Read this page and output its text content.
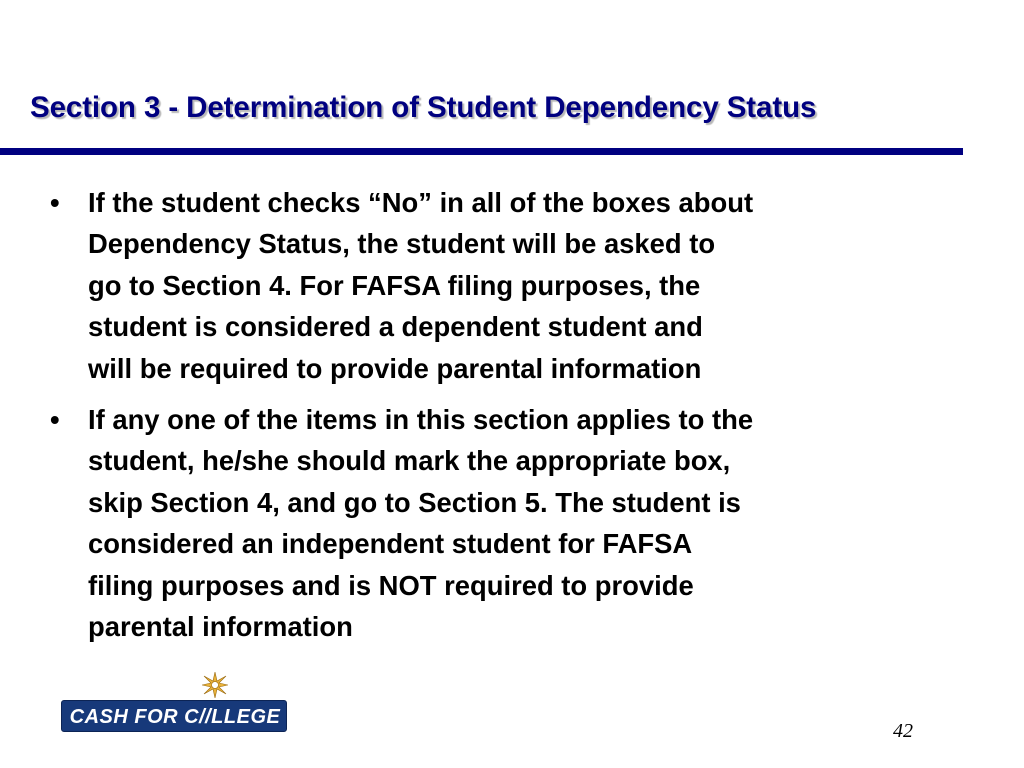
Section 3 - Determination of Student Dependency Status
• If the student checks “No” in all of the boxes about
Dependency Status, the student will be asked to
go to Section 4. For FAFSA filing purposes, the
student is considered a dependent student and
will be required to provide parental information
• If any one of the items in this section applies to the
student, he/she should mark the appropriate box,
skip Section 4, and go to Section 5. The student is
considered an independent student for FAFSA
filing purposes and is NOT required to provide
parental information
CASH FOR C//LLEGE
42
